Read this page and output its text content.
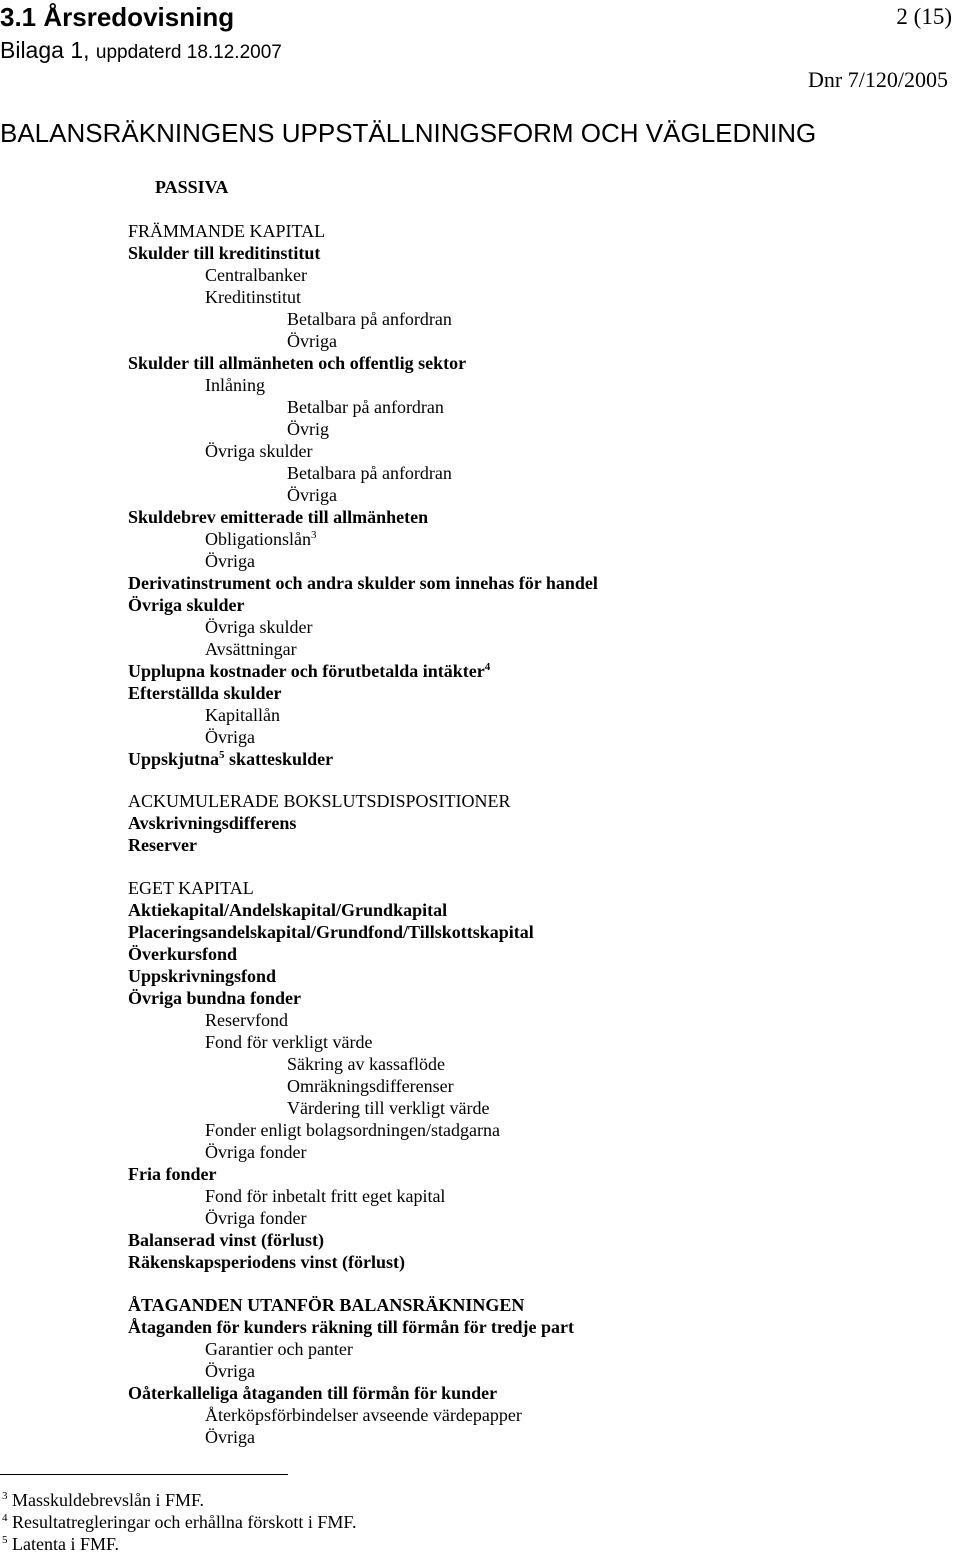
3.1 Årsredovisning
Bilaga 1, uppdaterd 18.12.2007
2 (15)
Dnr 7/120/2005
BALANSRÄKNINGENS UPPSTÄLLNINGSFORM OCH VÄGLEDNING
PASSIVA
FRÄMMANDE KAPITAL
Skulder till kreditinstitut
Centralbanker
Kreditinstitut
Betalbara på anfordran
Övriga
Skulder till allmänheten och offentlig sektor
Inlåning
Betalbar på anfordran
Övrig
Övriga skulder
Betalbara på anfordran
Övriga
Skuldebrev emitterade till allmänheten
Obligationslån$^3$
Övriga
Derivatinstrument och andra skulder som innehas för handel
Övriga skulder
Övriga skulder
Avsättningar
Upplupna kostnader och förutbetalda intäkter$^4$
Efterställda skulder
Kapitallån
Övriga
Uppskjutna$^5$ skatteskulder
ACKUMULERADE BOKSLUTSDISPOSITIONER
Avskrivningsdifferens
Reserver
EGET KAPITAL
Aktiekapital/Andelskapital/Grundkapital
Placeringsandelskapital/Grundfond/Tillskottskapital
Överkursfond
Uppskrivningsfond
Övriga bundna fonder
Reservfond
Fond för verkligt värde
Säkring av kassaflöde
Omräkningsdifferenser
Värdering till verkligt värde
Fonder enligt bolagsordningen/stadgarna
Övriga fonder
Fria fonder
Fond för inbetalt fritt eget kapital
Övriga fonder
Balanserad vinst (förlust)
Räkenskapsperiodens vinst (förlust)
ÅTAGANDEN UTANFÖR BALANSRÄKNINGEN
Åtaganden för kunders räkning till förmån för tredje part
Garantier och panter
Övriga
Oåterkalleliga åtaganden till förmån för kunder
Återköpsförbindelser avseende värdepapper
Övriga
$^3$ Masskuldebrevslån i FMF.
$^4$ Resultatregleringar och erhållna förskott i FMF.
$^5$ Latenta i FMF.
